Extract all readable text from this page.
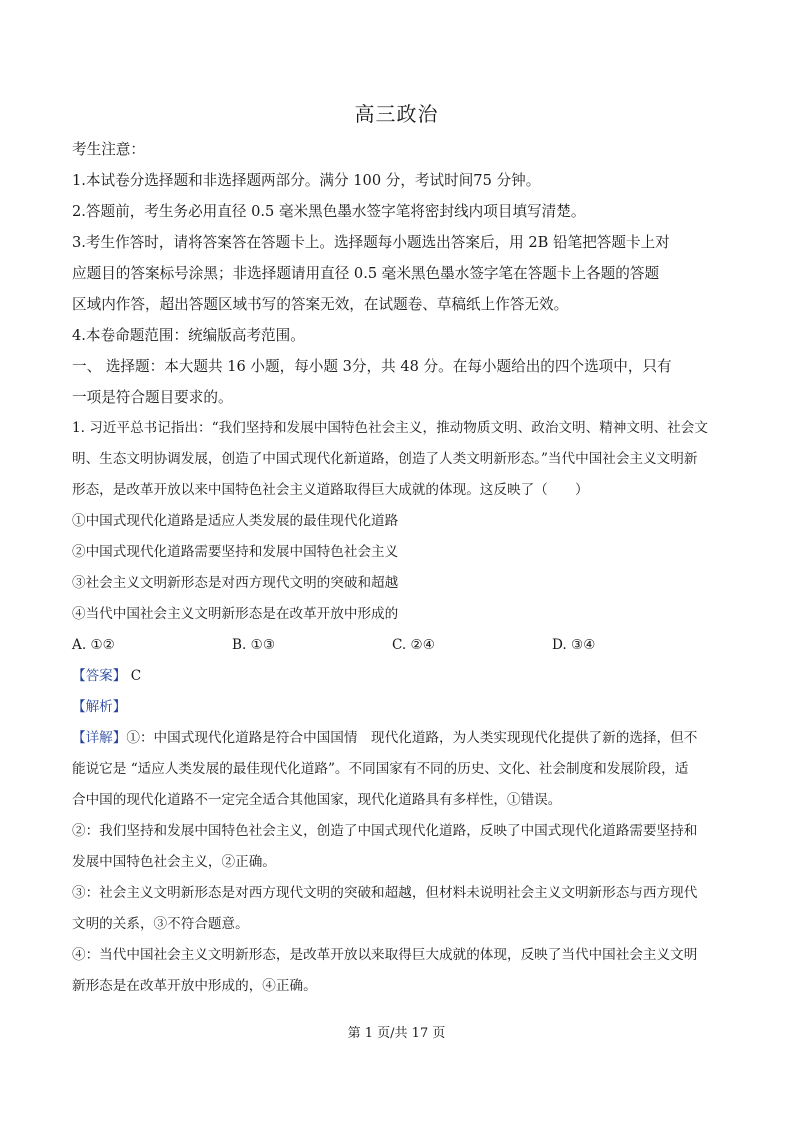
高三政治
考生注意：
1.本试卷分选择题和非选择题两部分。满分 100 分，考试时间75 分钟。
2.答题前，考生务必用直径 0.5 毫米黑色墨水签字笔将密封线内项目填写清楚。
3.考生作答时，请将答案答在答题卡上。选择题每小题选出答案后，用 2B 铅笔把答题卡上对
应题目的答案标号涂黑；非选择题请用直径 0.5 毫米黑色墨水签字笔在答题卡上各题的答题
区域内作答，超出答题区域书写的答案无效，在试题卷、草稿纸上作答无效。
4.本卷命题范围：统编版高考范围。
一、 选择题：本大题共 16 小题，每小题 3分，共 48 分。在每小题给出的四个选项中，只有
一项是符合题目要求的。
1. 习近平总书记指出：“我们坚持和发展中国特色社会主义，推动物质文明、政治文明、精神文明、社会文
明、生态文明协调发展，创造了中国式现代化新道路，创造了人类文明新形态。”当代中国社会主义文明新
形态，是改革开放以来中国特色社会主义道路取得巨大成就的体现。这反映了（　　）
①中国式现代化道路是适应人类发展的最佳现代化道路
②中国式现代化道路需要坚持和发展中国特色社会主义
③社会主义文明新形态是对西方现代文明的突破和超越
④当代中国社会主义文明新形态是在改革开放中形成的
A. ①②	B. ①③	C. ②④	D. ③④
【答案】 C
【解析】
【详解】①：中国式现代化道路是符合中国国情　现代化道路，为人类实现现代化提供了新的选择，但不
能说它是 “适应人类发展的最佳现代化道路”。不同国家有不同的历史、文化、社会制度和发展阶段，适
合中国的现代化道路不一定完全适合其他国家，现代化道路具有多样性，①错误。
②：我们坚持和发展中国特色社会主义，创造了中国式现代化道路，反映了中国式现代化道路需要坚持和
发展中国特色社会主义，②正确。
③：社会主义文明新形态是对西方现代文明的突破和超越，但材料未说明社会主义文明新形态与西方现代
文明的关系，③不符合题意。
④：当代中国社会主义文明新形态，是改革开放以来取得巨大成就的体现，反映了当代中国社会主义文明
新形态是在改革开放中形成的，④正确。
第 1 页/共 17 页
